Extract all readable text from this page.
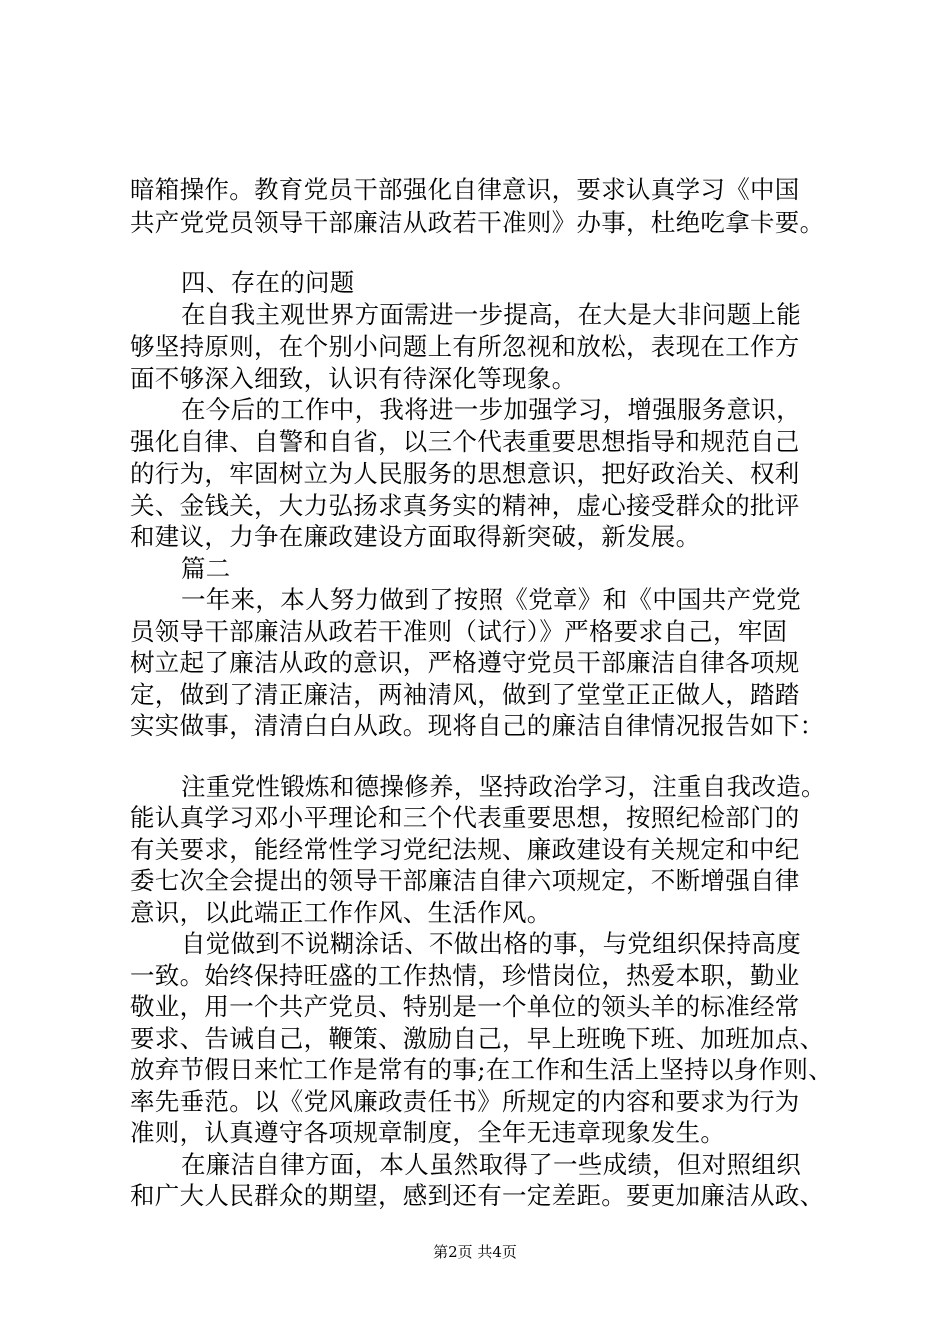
暗箱操作。教育党员干部强化自律意识，要求认真学习《中国
共产党党员领导干部廉洁从政若干准则》办事，杜绝吃拿卡要。
四、存在的问题
在自我主观世界方面需进一步提高，在大是大非问题上能
够坚持原则，在个别小问题上有所忽视和放松，表现在工作方
面不够深入细致，认识有待深化等现象。
在今后的工作中，我将进一步加强学习，增强服务意识，
强化自律、自警和自省，以三个代表重要思想指导和规范自己
的行为，牢固树立为人民服务的思想意识，把好政治关、权利
关、金钱关，大力弘扬求真务实的精神，虚心接受群众的批评
和建议，力争在廉政建设方面取得新突破，新发展。
篇二
一年来，本人努力做到了按照《党章》和《中国共产党党
员领导干部廉洁从政若干准则（试行）》严格要求自己，牢固
树立起了廉洁从政的意识，严格遵守党员干部廉洁自律各项规
定，做到了清正廉洁，两袖清风，做到了堂堂正正做人，踏踏
实实做事，清清白白从政。现将自己的廉洁自律情况报告如下：
注重党性锻炼和德操修养，坚持政治学习，注重自我改造。
能认真学习邓小平理论和三个代表重要思想，按照纪检部门的
有关要求，能经常性学习党纪法规、廉政建设有关规定和中纪
委七次全会提出的领导干部廉洁自律六项规定，不断增强自律
意识，以此端正工作作风、生活作风。
自觉做到不说糊涂话、不做出格的事，与党组织保持高度
一致。始终保持旺盛的工作热情，珍惜岗位，热爱本职，勤业
敬业，用一个共产党员、特别是一个单位的领头羊的标准经常
要求、告诫自己，鞭策、激励自己，早上班晚下班、加班加点、
放弃节假日来忙工作是常有的事;在工作和生活上坚持以身作则、
率先垂范。以《党风廉政责任书》所规定的内容和要求为行为
准则，认真遵守各项规章制度，全年无违章现象发生。
在廉洁自律方面，本人虽然取得了一些成绩，但对照组织
和广大人民群众的期望，感到还有一定差距。要更加廉洁从政、
第2页 共4页
